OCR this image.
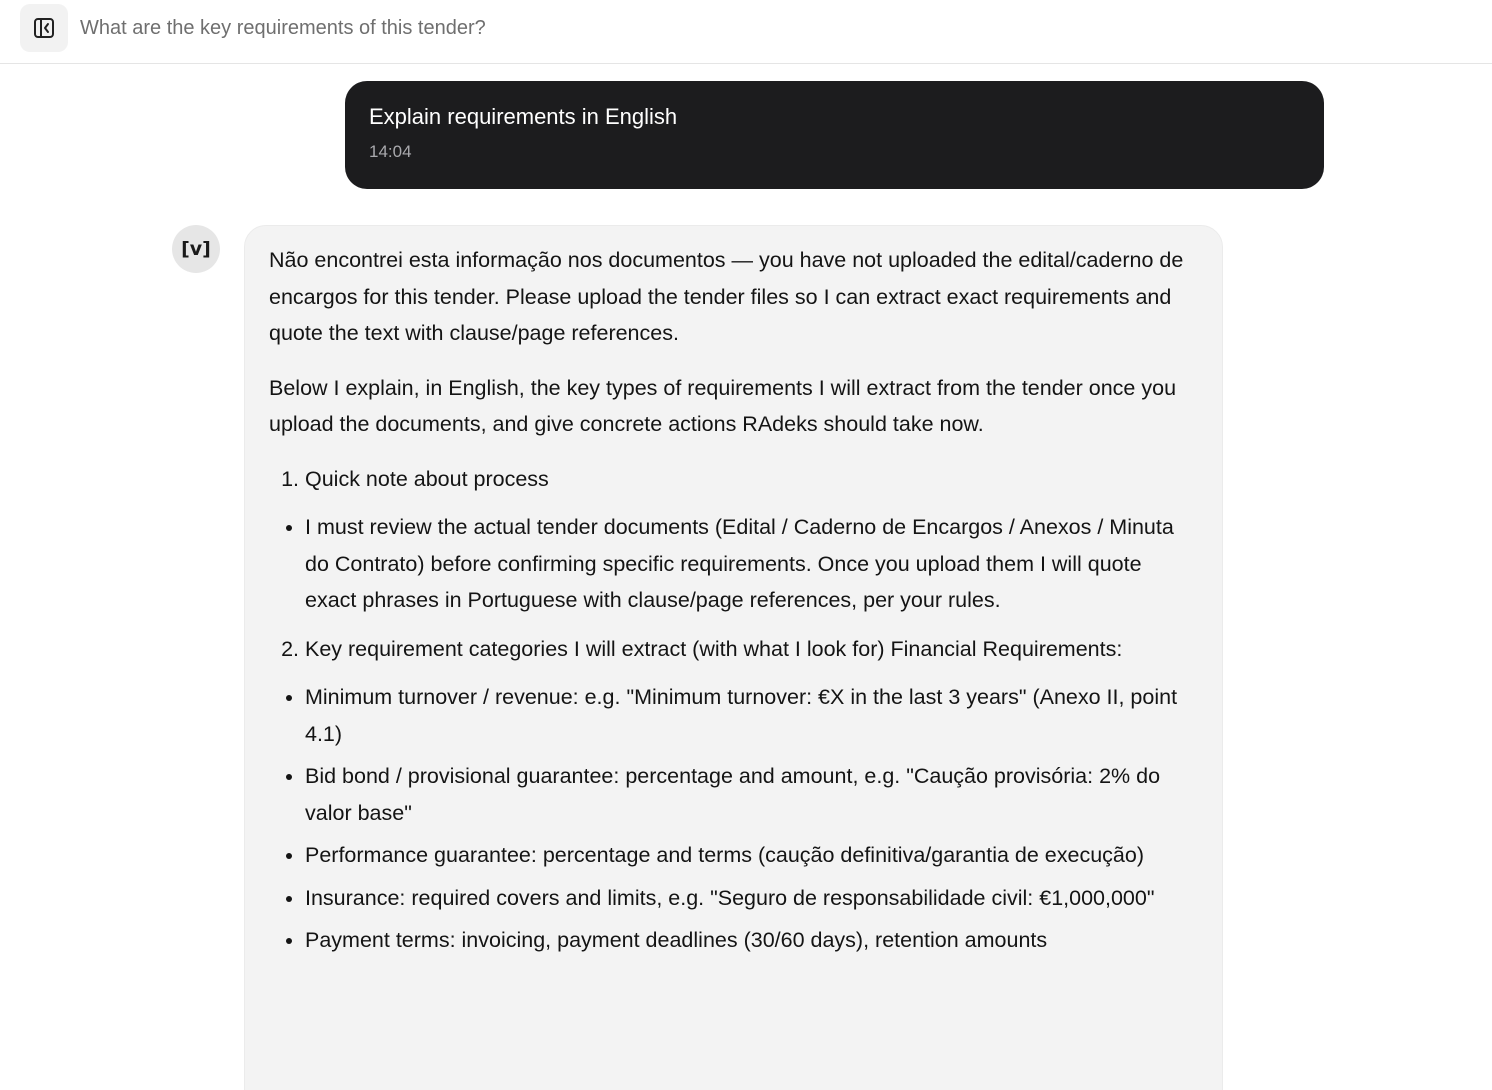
What are the key requirements of this tender?
Explain requirements in English
14:04
[v]	Não encontrei esta informação nos documentos — you have not uploaded the edital/caderno de encargos for this tender. Please upload the tender files so I can extract exact requirements and quote the text with clause/page references.

Below I explain, in English, the key types of requirements I will extract from the tender once you upload the documents, and give concrete actions RAdeks should take now.

1. Quick note about process
• I must review the actual tender documents (Edital / Caderno de Encargos / Anexos / Minuta do Contrato) before confirming specific requirements. Once you upload them I will quote exact phrases in Portuguese with clause/page references, per your rules.
2. Key requirement categories I will extract (with what I look for) Financial Requirements:
• Minimum turnover / revenue: e.g. "Minimum turnover: €X in the last 3 years" (Anexo II, point 4.1)
• Bid bond / provisional guarantee: percentage and amount, e.g. "Caução provisória: 2% do valor base"
• Performance guarantee: percentage and terms (caução definitiva/garantia de execução)
• Insurance: required covers and limits, e.g. "Seguro de responsabilidade civil: €1,000,000"
• Payment terms: invoicing, payment deadlines (30/60 days), retention amounts
